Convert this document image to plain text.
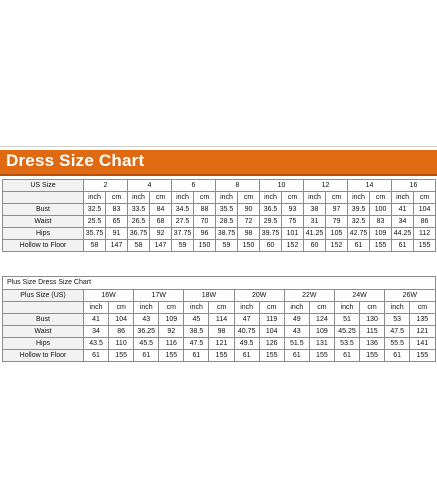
Dress Size Chart
US Size	2		4		6		8		10		12		14		16	
	inch	cm	inch	cm	inch	cm	inch	cm	inch	cm	inch	cm	inch	cm	inch	cm
Bust	32.5	83	33.5	84	34.5	88	35.5	90	36.5	93	38	97	39.5	100	41	104
Waist	25.5	65	26.5	68	27.5	70	28.5	72	29.5	75	31	79	32.5	83	34	86
Hips	35.75	91	36.75	92	37.75	96	38.75	98	39.75	101	41.25	105	42.75	109	44.25	112
Hollow to Floor	58	147	58	147	59	150	59	150	60	152	60	152	61	155	61	155
Plus Size Dress Size Chart														
Plus Size (US)	16W		17W		18W		20W		22W		24W		26W	
	inch	cm	inch	cm	inch	cm	inch	cm	inch	cm	inch	cm	inch	cm
Bust	41	104	43	109	45	114	47	119	49	124	51	130	53	135
Waist	34	86	36.25	92	38.5	98	40.75	104	43	109	45.25	115	47.5	121
Hips	43.5	110	45.5	116	47.5	121	49.5	126	51.5	131	53.5	136	55.5	141
Hollow to Floor	61	155	61	155	61	155	61	155	61	155	61	155	61	155
